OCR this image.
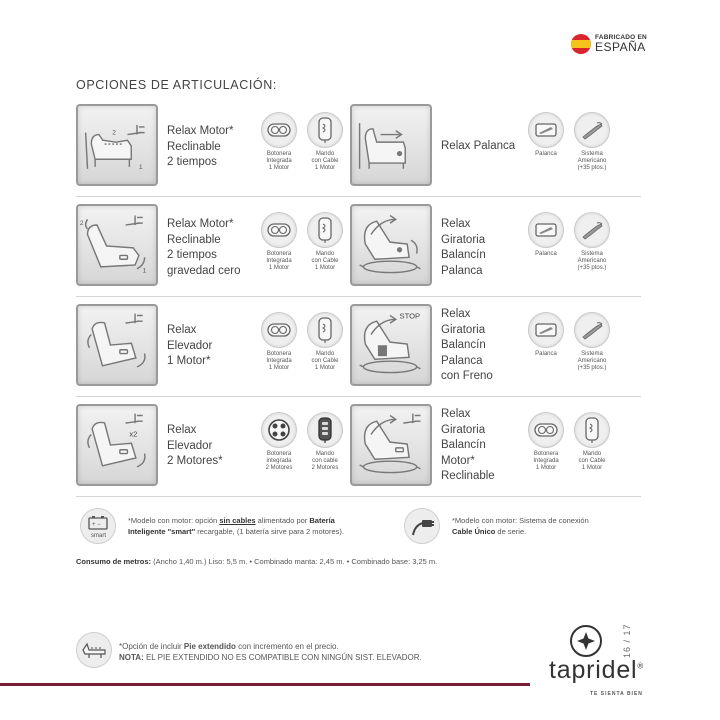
FABRICADO EN
ESPAÑA
OPCIONES DE ARTICULACIÓN:
2
1
Relax Motor*
Reclinable
2 tiempos
Botonera
Integrada
1 Motor
Mando
con Cable
1 Motor
Relax Palanca
Palanca	Sistema
Americano
(+35 ptos.)
2
1
Relax Motor*
Reclinable
2 tiempos
gravedad cero
Botonera
Integrada
1 Motor
Mando
con Cable
1 Motor
Relax
Giratoria
Balancín
Palanca
Palanca	Sistema
Americano
(+35 ptos.)
Relax
Elevador
1 Motor*
Botonera
Integrada
1 Motor
Mando
con Cable
1 Motor
STOP Relax
Giratoria
Balancín
Palanca
con Freno
Palanca	Sistema
Americano
(+35 ptos.)
x2	Relax
Elevador
2 Motores*
Botonera
integrada
2 Motores
Mando
con cable
2 Motores
Relax
Giratoria
Balancín
Motor*
Reclinable
Botonera
Integrada
1 Motor
Mando
con Cable
1 Motor
+ −
smart
*Modelo con motor: opción sin cables alimentado por Batería
Inteligente "smart" recargable, (1 batería sirve para 2 motores).
*Modelo con motor: Sistema de conexión
Cable Único de serie.
Consumo de metros: (Ancho 1,40 m.) Liso: 5,5 m. • Combinado manta: 2,45 m. • Combinado base: 3,25 m.
16 / 17
*Opción de incluir Pie extendido con incremento en el precio.
NOTA: EL PIE EXTENDIDO NO ES COMPATIBLE CON NINGÚN SIST. ELEVADOR.	tapridel®
TE SIENTA BIEN
